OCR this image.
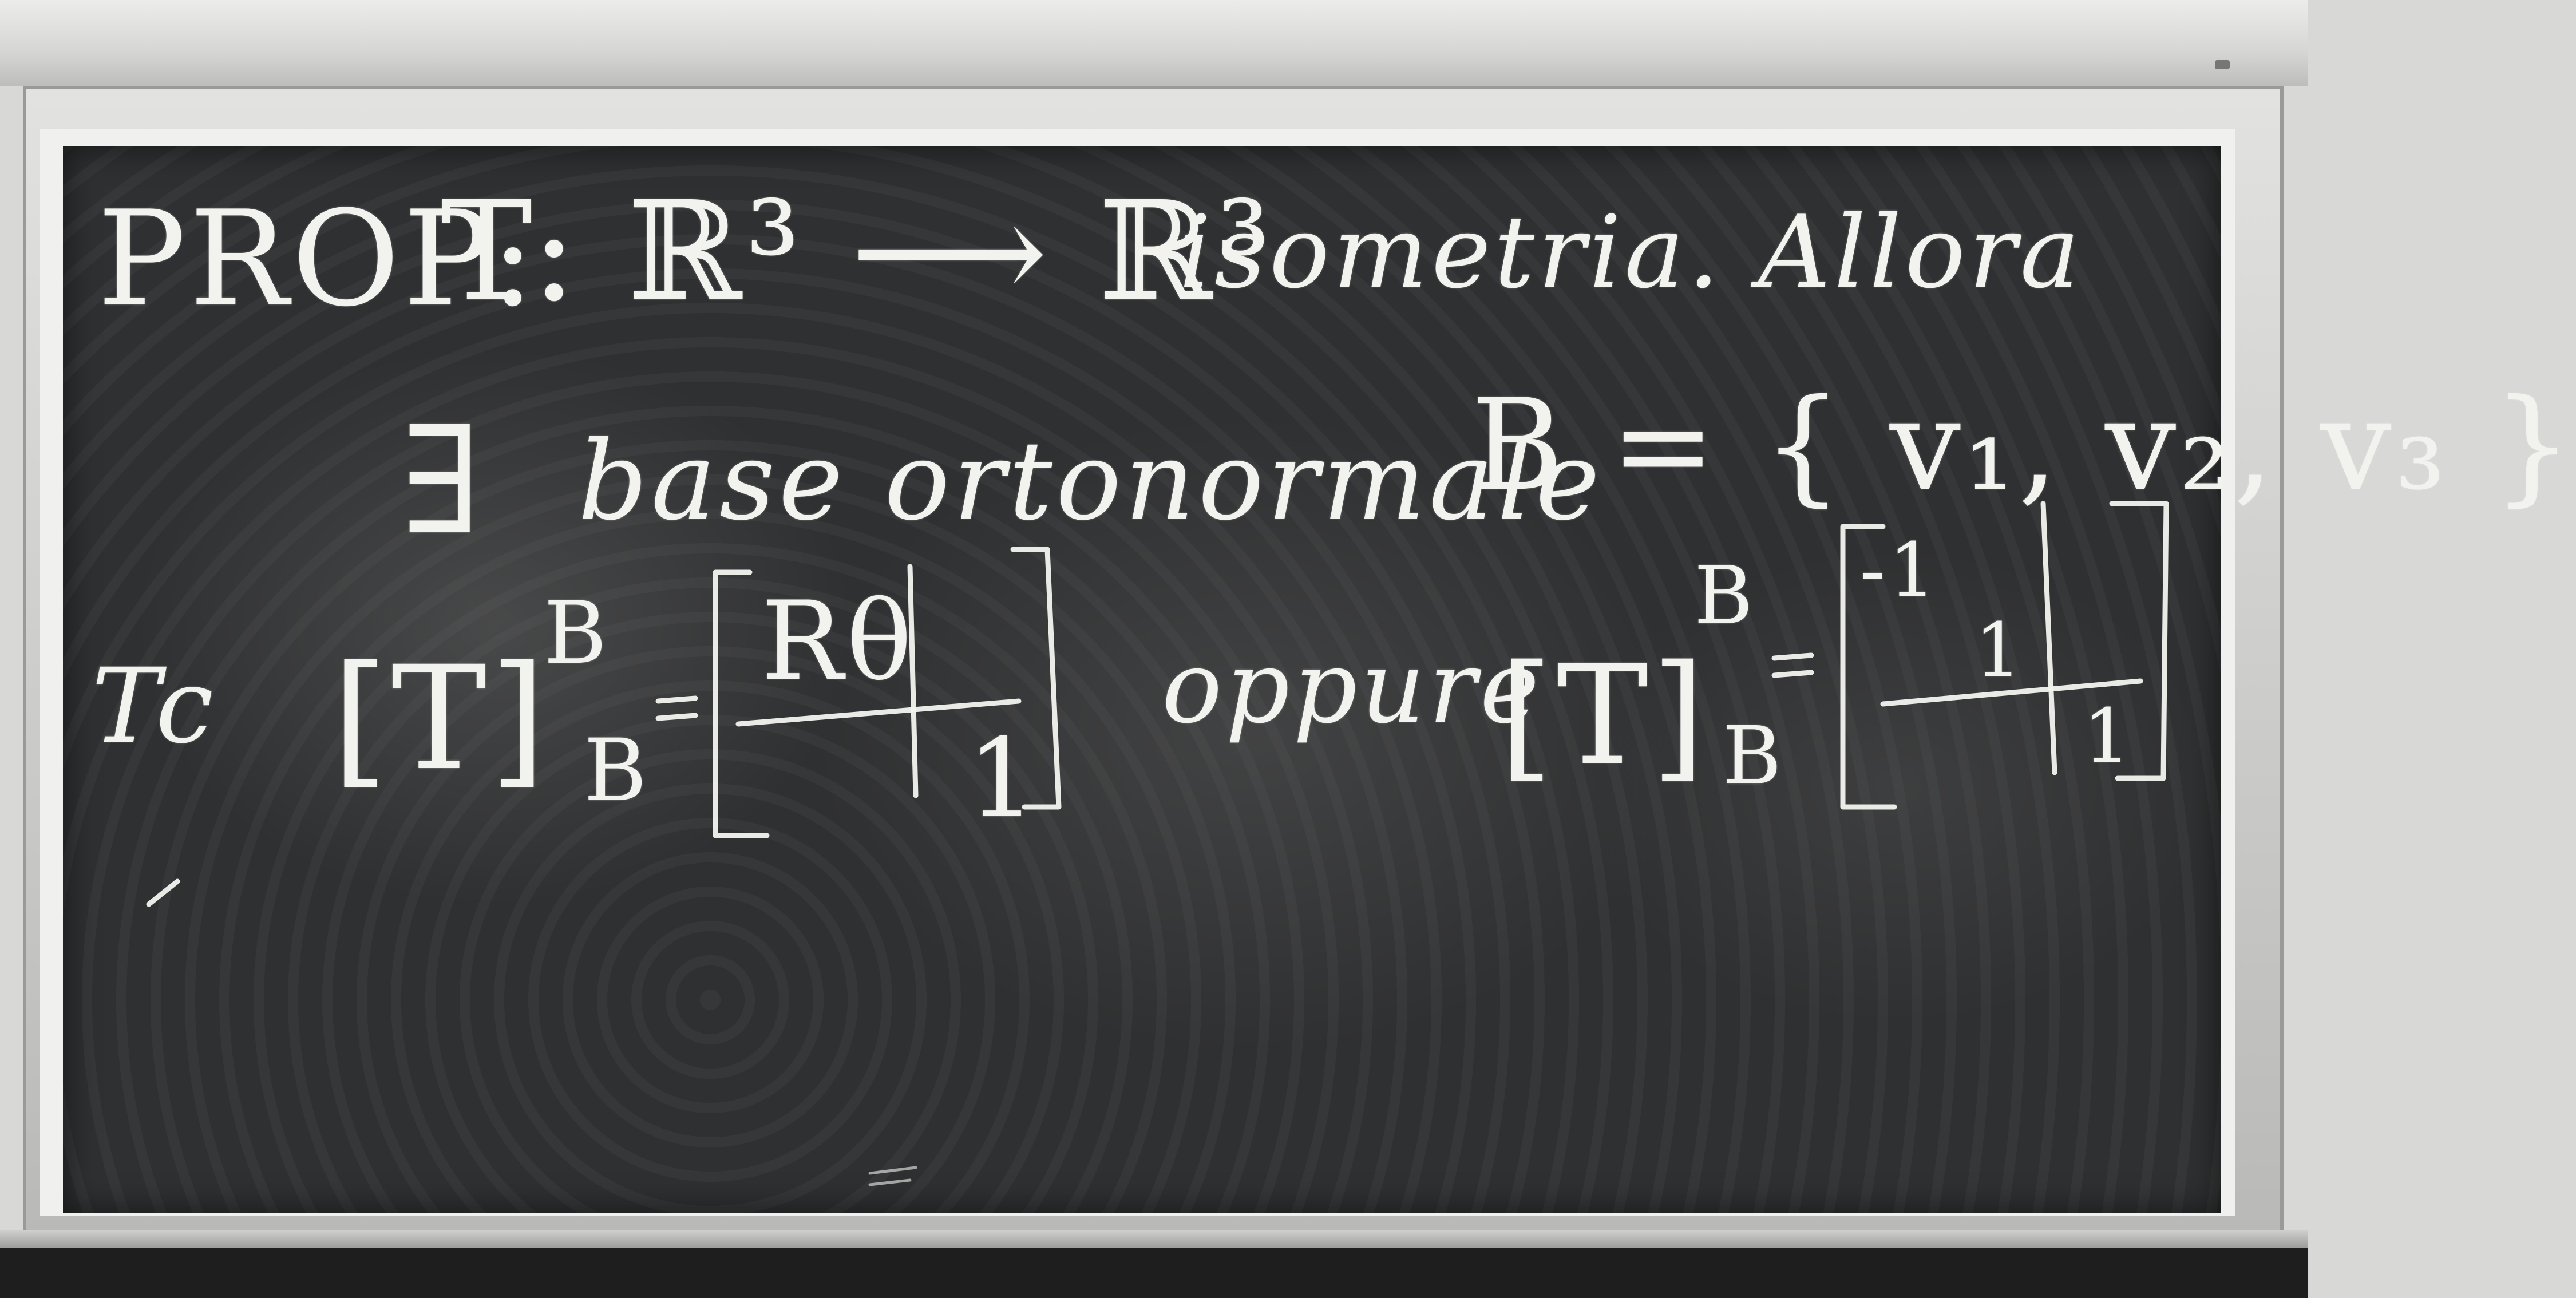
PROP:
T: ℝ³ ⟶ ℝ³
isometria. Allora
∃ base ortonormale
B = { v₁, v₂, v₃ }
Tc [T]
B
B
Rθ
1
oppure
[T]
B
B
-1
1
1
